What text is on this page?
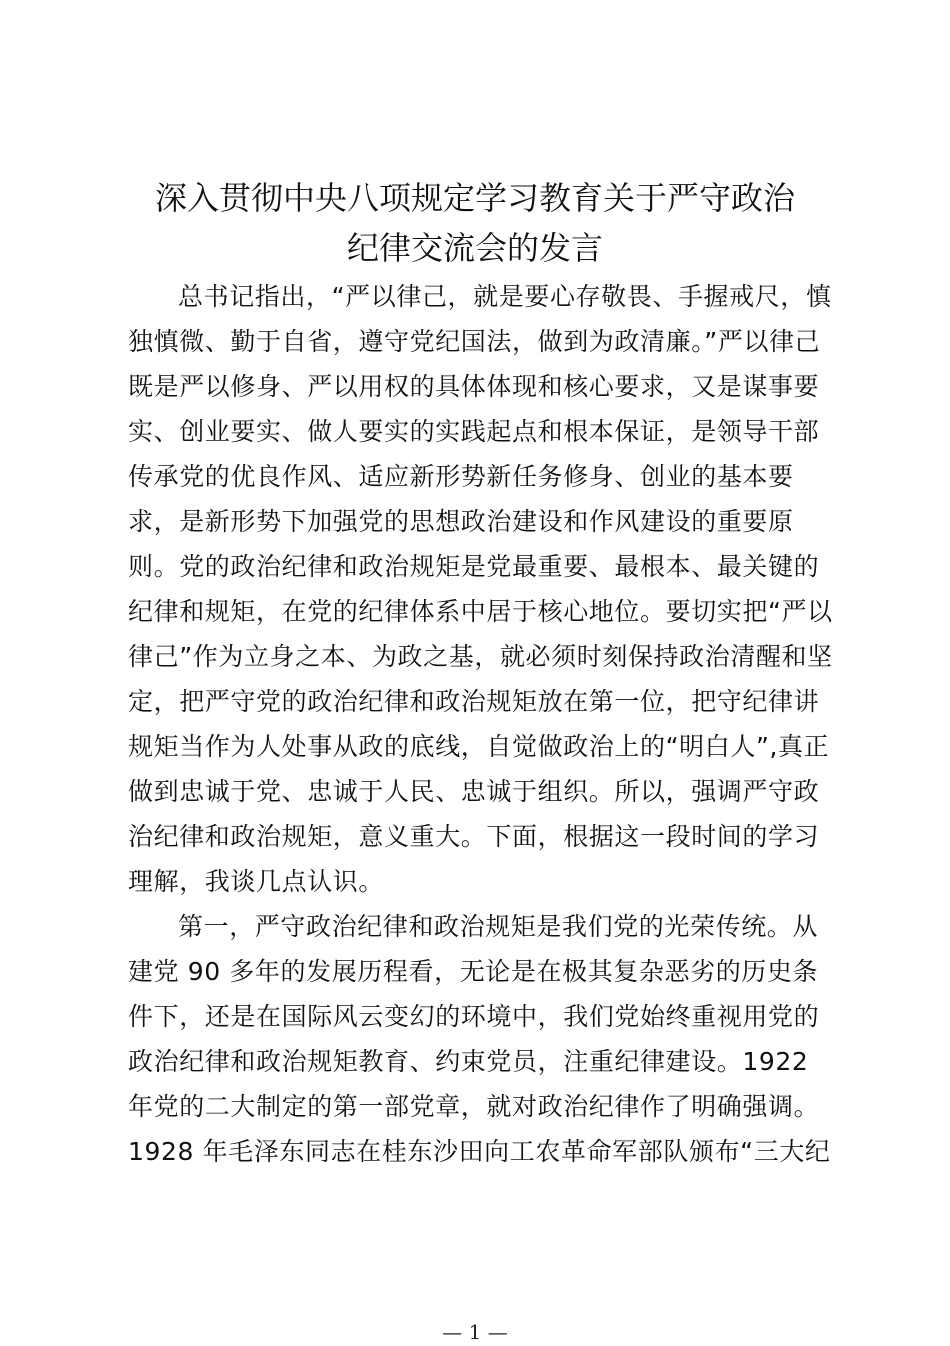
深入贯彻中央八项规定学习教育关于严守政治
纪律交流会的发言

总书记指出，“严以律己，就是要心存敬畏、手握戒尺，慎

独慎微、勤于自省，遵守党纪国法，做到为政清廉。”严以律己

既是严以修身、严以用权的具体体现和核心要求，又是谋事要

实、创业要实、做人要实的实践起点和根本保证，是领导干部

传承党的优良作风、适应新形势新任务修身、创业的基本要

求，是新形势下加强党的思想政治建设和作风建设的重要原

则。党的政治纪律和政治规矩是党最重要、最根本、最关键的

纪律和规矩，在党的纪律体系中居于核心地位。要切实把“严以

律己”作为立身之本、为政之基，就必须时刻保持政治清醒和坚

定，把严守党的政治纪律和政治规矩放在第一位，把守纪律讲

规矩当作为人处事从政的底线，自觉做政治上的“明白人”,真正

做到忠诚于党、忠诚于人民、忠诚于组织。所以，强调严守政

治纪律和政治规矩，意义重大。下面，根据这一段时间的学习

理解，我谈几点认识。

第一，严守政治纪律和政治规矩是我们党的光荣传统。从

建党 90 多年的发展历程看，无论是在极其复杂恶劣的历史条

件下，还是在国际风云变幻的环境中，我们党始终重视用党的

政治纪律和政治规矩教育、约束党员，注重纪律建设。1922

年党的二大制定的第一部党章，就对政治纪律作了明确强调。

1928 年毛泽东同志在桂东沙田向工农革命军部队颁布“三大纪

— 1 —
